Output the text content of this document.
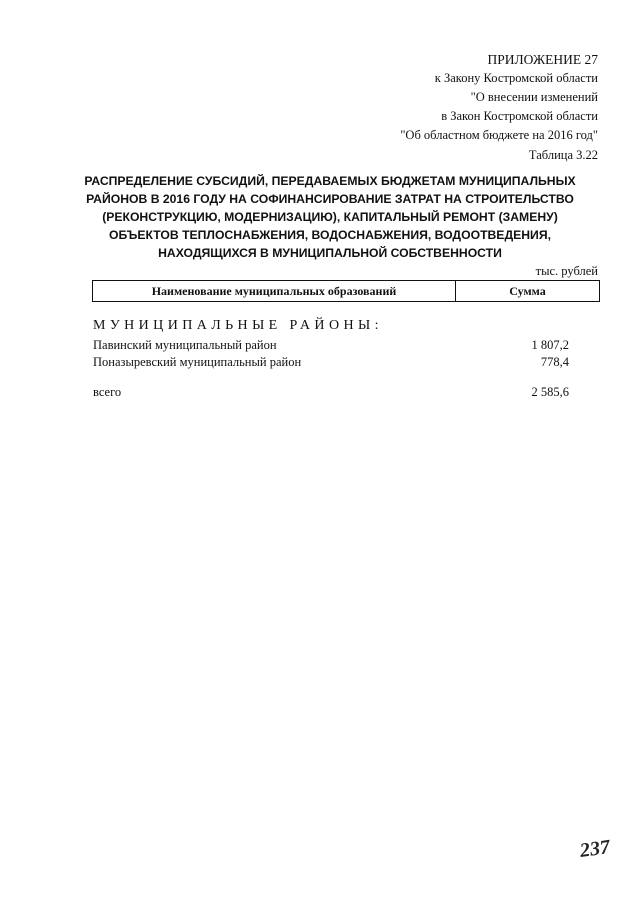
ПРИЛОЖЕНИЕ 27
к Закону Костромской области
"О внесении изменений
в Закон Костромской области
"Об областном бюджете на 2016 год"
Таблица 3.22
РАСПРЕДЕЛЕНИЕ СУБСИДИЙ, ПЕРЕДАВАЕМЫХ БЮДЖЕТАМ МУНИЦИПАЛЬНЫХ
РАЙОНОВ В 2016 ГОДУ НА СОФИНАНСИРОВАНИЕ ЗАТРАТ НА СТРОИТЕЛЬСТВО
(РЕКОНСТРУКЦИЮ, МОДЕРНИЗАЦИЮ), КАПИТАЛЬНЫЙ РЕМОНТ (ЗАМЕНУ)
ОБЪЕКТОВ ТЕПЛОСНАБЖЕНИЯ, ВОДОСНАБЖЕНИЯ, ВОДООТВЕДЕНИЯ,
НАХОДЯЩИХСЯ В МУНИЦИПАЛЬНОЙ СОБСТВЕННОСТИ
тыс. рублей
Наименование муниципальных образований	Сумма
МУНИЦИПАЛЬНЫЕ РАЙОНЫ:
Павинский муниципальный район	1 807,2
Поназыревский муниципальный район	778,4
всего	2 585,6
237
